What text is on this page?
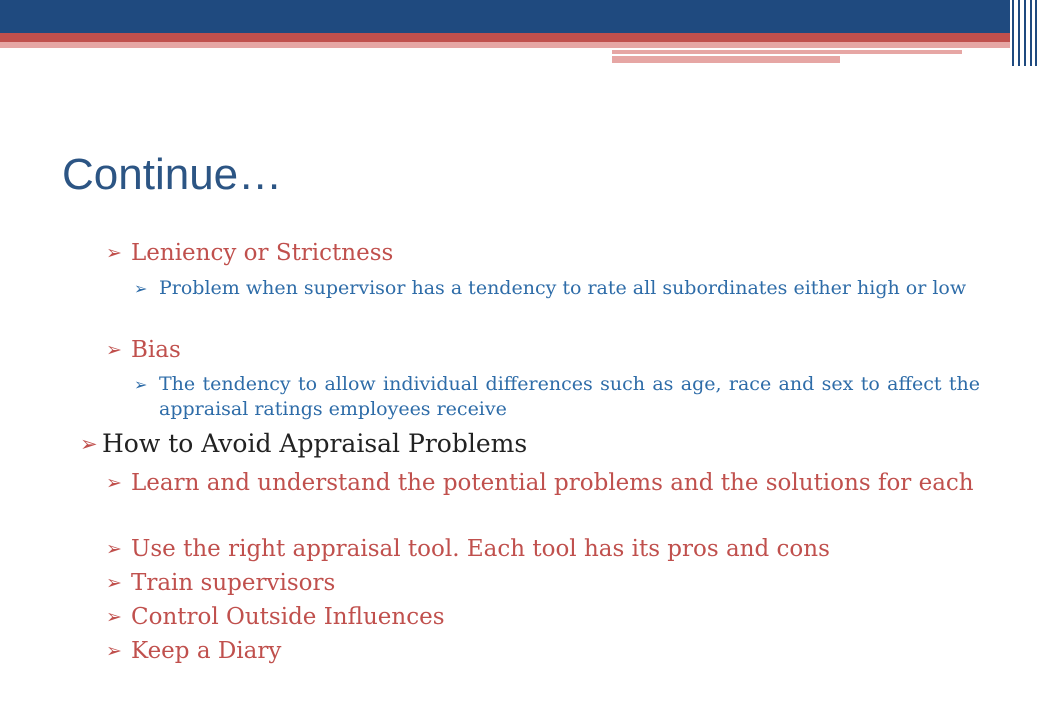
Continue…
➢ Leniency or Strictness
➢ Problem when supervisor has a tendency to rate all subordinates either high or low
➢ Bias
➢ The tendency to allow individual differences such as age, race and sex to affect the appraisal ratings employees receive
➢ How to Avoid Appraisal Problems
➢ Learn and understand the potential problems and the solutions for each
➢ Use the right appraisal tool. Each tool has its pros and cons
➢ Train supervisors
➢ Control Outside Influences
➢ Keep a Diary
